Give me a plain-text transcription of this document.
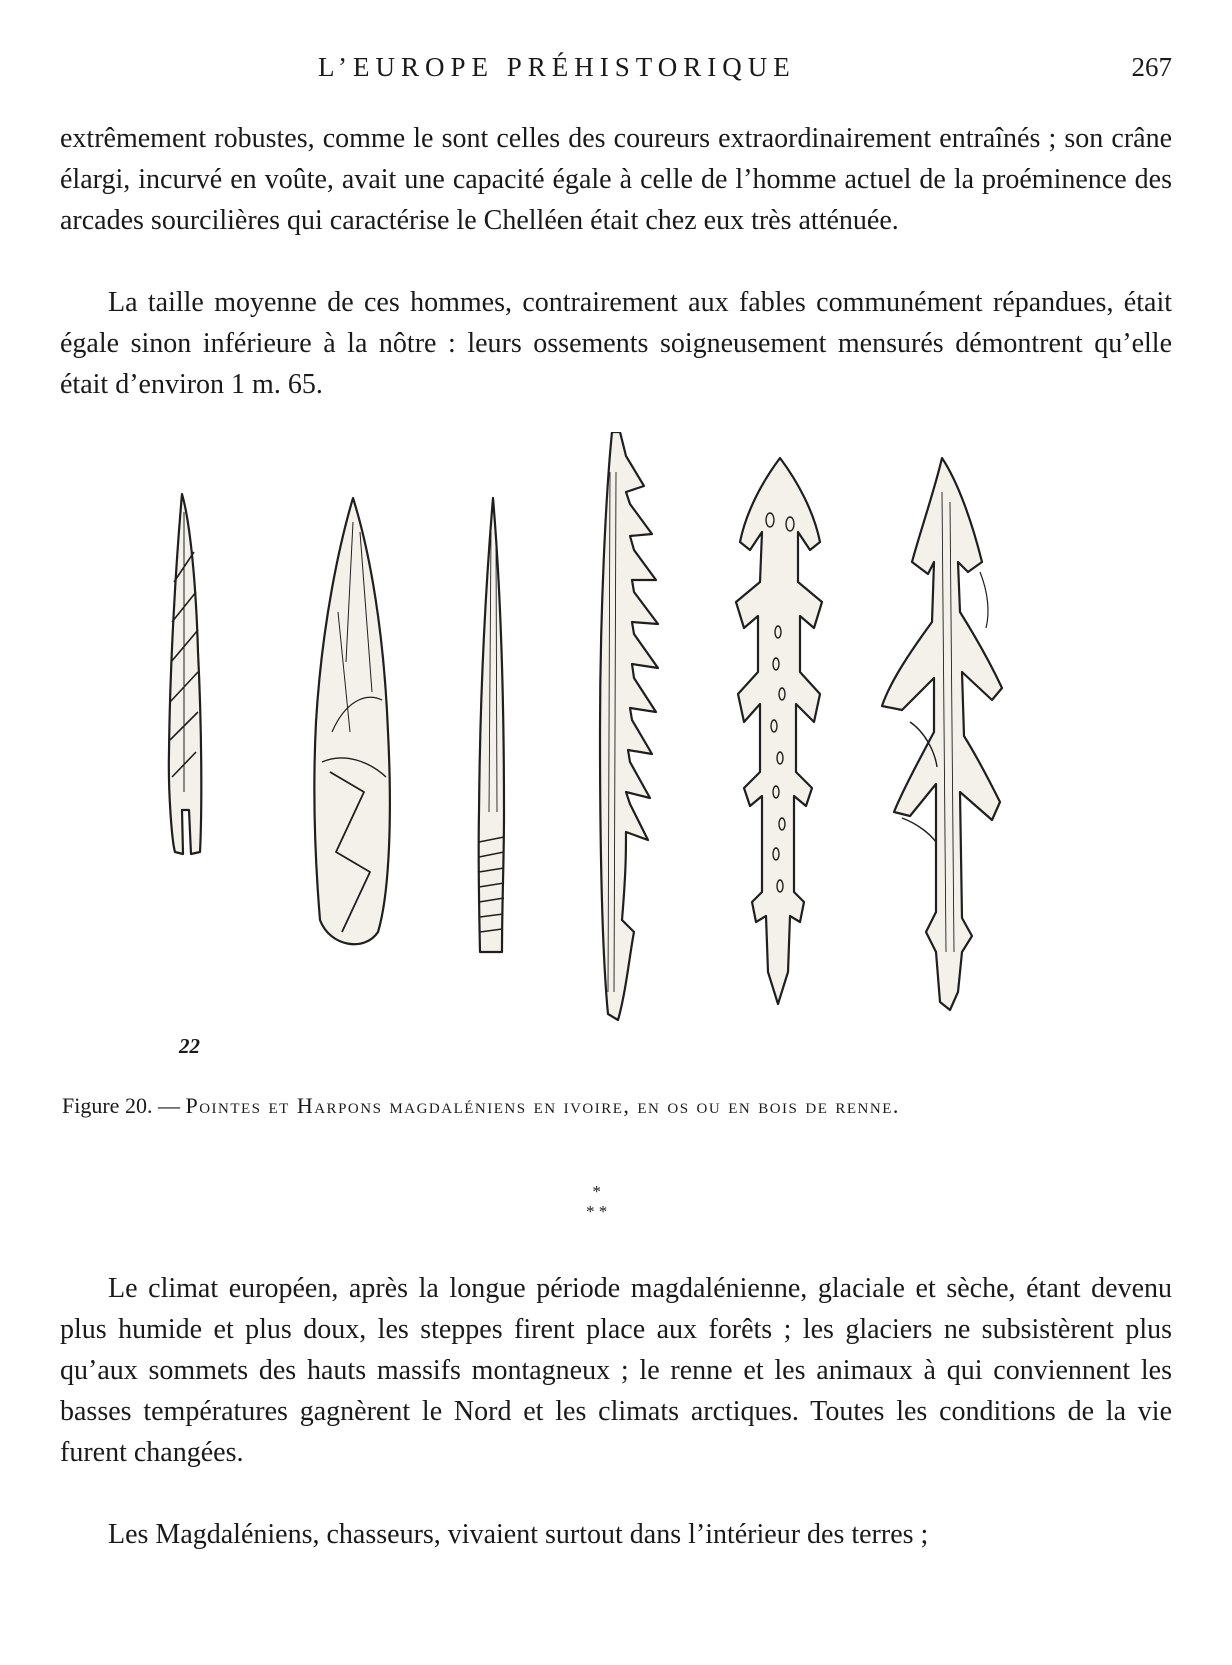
L’EUROPE PRÉHISTORIQUE	267

extrêmement robustes, comme le sont celles des coureurs extraordinairement entraînés ; son crâne élargi, incurvé en voûte, avait une capacité égale à celle de l’homme actuel de la proéminence des arcades sourcilières qui caractérise le Chelléen était chez eux très atténuée.

La taille moyenne de ces hommes, contrairement aux fables communément répandues, était égale sinon inférieure à la nôtre : leurs ossements soigneusement mensurés démontrent qu’elle était d’environ 1 m. 65.

22
Figure 20. — Pointes et Harpons magdaléniens en ivoire, en os ou en bois de renne.
*
* *

Le climat européen, après la longue période magdalénienne, glaciale et sèche, étant devenu plus humide et plus doux, les steppes firent place aux forêts ; les glaciers ne subsistèrent plus qu’aux sommets des hauts massifs montagneux ; le renne et les animaux à qui conviennent les basses températures gagnèrent le Nord et les climats arctiques. Toutes les conditions de la vie furent changées.

Les Magdaléniens, chasseurs, vivaient surtout dans l’intérieur des terres ;
